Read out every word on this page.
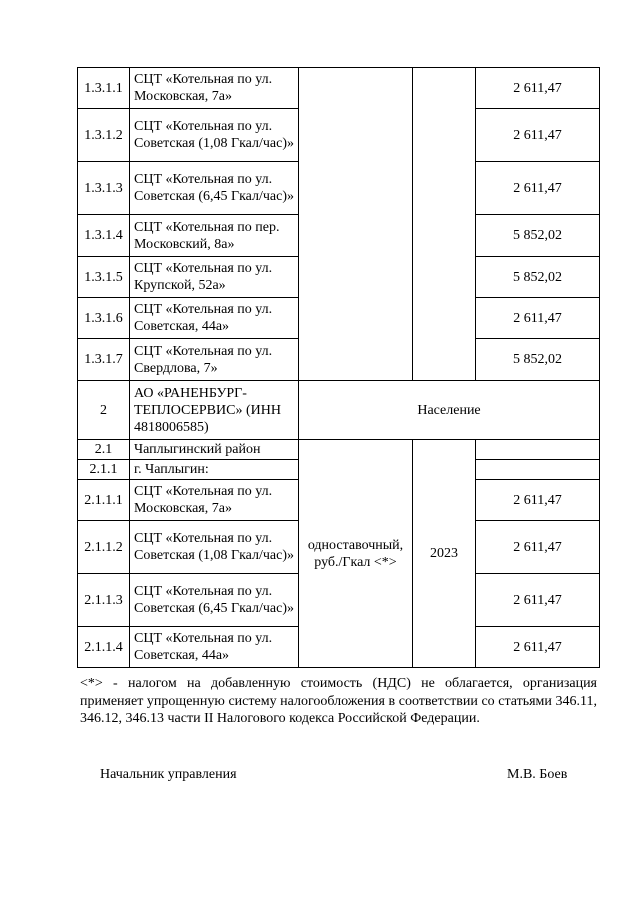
1.3.1.1	СЦТ «Котельная по ул. Московская, 7а»			2 611,47
1.3.1.2	СЦТ «Котельная по ул. Советская (1,08 Гкал/час)»			2 611,47
1.3.1.3	СЦТ «Котельная по ул. Советская (6,45 Гкал/час)»			2 611,47
1.3.1.4	СЦТ «Котельная по пер. Московский, 8а»			5 852,02
1.3.1.5	СЦТ «Котельная по ул. Крупской, 52а»			5 852,02
1.3.1.6	СЦТ «Котельная по ул. Советская, 44а»			2 611,47
1.3.1.7	СЦТ «Котельная по ул. Свердлова, 7»			5 852,02
2	АО «РАНЕНБУРГ-ТЕПЛОСЕРВИС» (ИНН 4818006585)	Население		
2.1	Чаплыгинский район	одноставочный, руб./Гкал <*>	2023	
2.1.1	г. Чаплыгин:			
2.1.1.1	СЦТ «Котельная по ул. Московская, 7а»			2 611,47
2.1.1.2	СЦТ «Котельная по ул. Советская (1,08 Гкал/час)»			2 611,47
2.1.1.3	СЦТ «Котельная по ул. Советская (6,45 Гкал/час)»			2 611,47
2.1.1.4	СЦТ «Котельная по ул. Советская, 44а»			2 611,47

<*> - налогом на добавленную стоимость (НДС) не облагается, организация применяет упрощенную систему налогообложения в соответствии со статьями 346.11, 346.12, 346.13 части II Налогового кодекса Российской Федерации.

Начальник управления	М.В. Боев
